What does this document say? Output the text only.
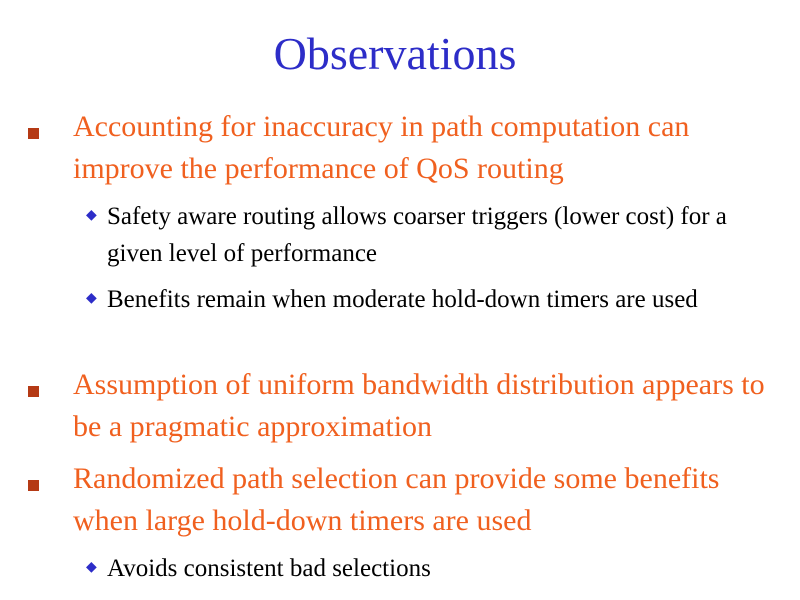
Observations
Accounting for inaccuracy in path computation can improve the performance of QoS routing
◆ Safety aware routing allows coarser triggers (lower cost) for a given level of performance
◆ Benefits remain when moderate hold-down timers are used
Assumption of uniform bandwidth distribution appears to be a pragmatic approximation
Randomized path selection can provide some benefits when large hold-down timers are used
◆ Avoids consistent bad selections
